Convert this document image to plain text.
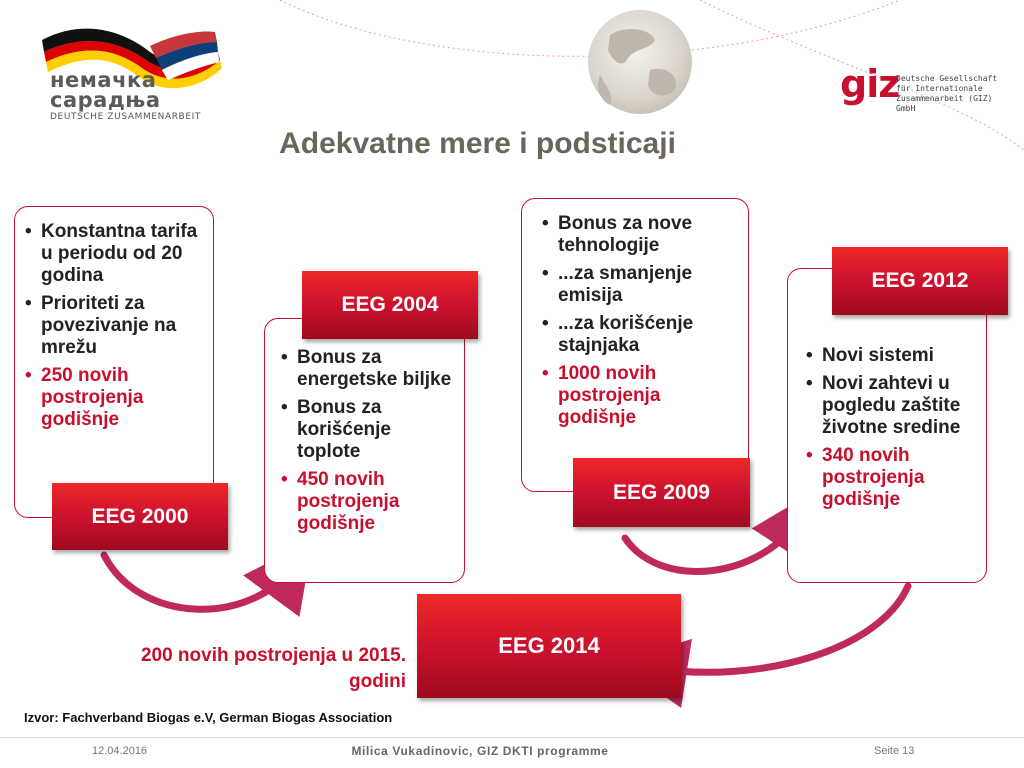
немачка
сарадња
DEUTSCHE ZUSAMMENARBEIT
giz
Deutsche Gesellschaft
für Internationale
Zusammenarbeit (GIZ) GmbH
Adekvatne mere i podsticaji
• Konstantna tarifa u periodu od 20 godina
• Prioriteti za povezivanje na mrežu
• 250 novih postrojenja godišnje
EEG 2000
• Bonus za energetske biljke
• Bonus za korišćenje toplote
• 450 novih postrojenja godišnje
EEG 2004
• Bonus za nove tehnologije
• ...za smanjenje emisija
• ...za korišćenje stajnjaka
• 1000 novih postrojenja godišnje
EEG 2009
• Novi sistemi
• Novi zahtevi u pogledu zaštite životne sredine
• 340 novih postrojenja godišnje
EEG 2012
EEG 2014
200 novih postrojenja u 2015. godini
Izvor: Fachverband Biogas e.V, German Biogas Association
12.04.2016	Milica Vukadinovic, GIZ DKTI programme	Seite 13
